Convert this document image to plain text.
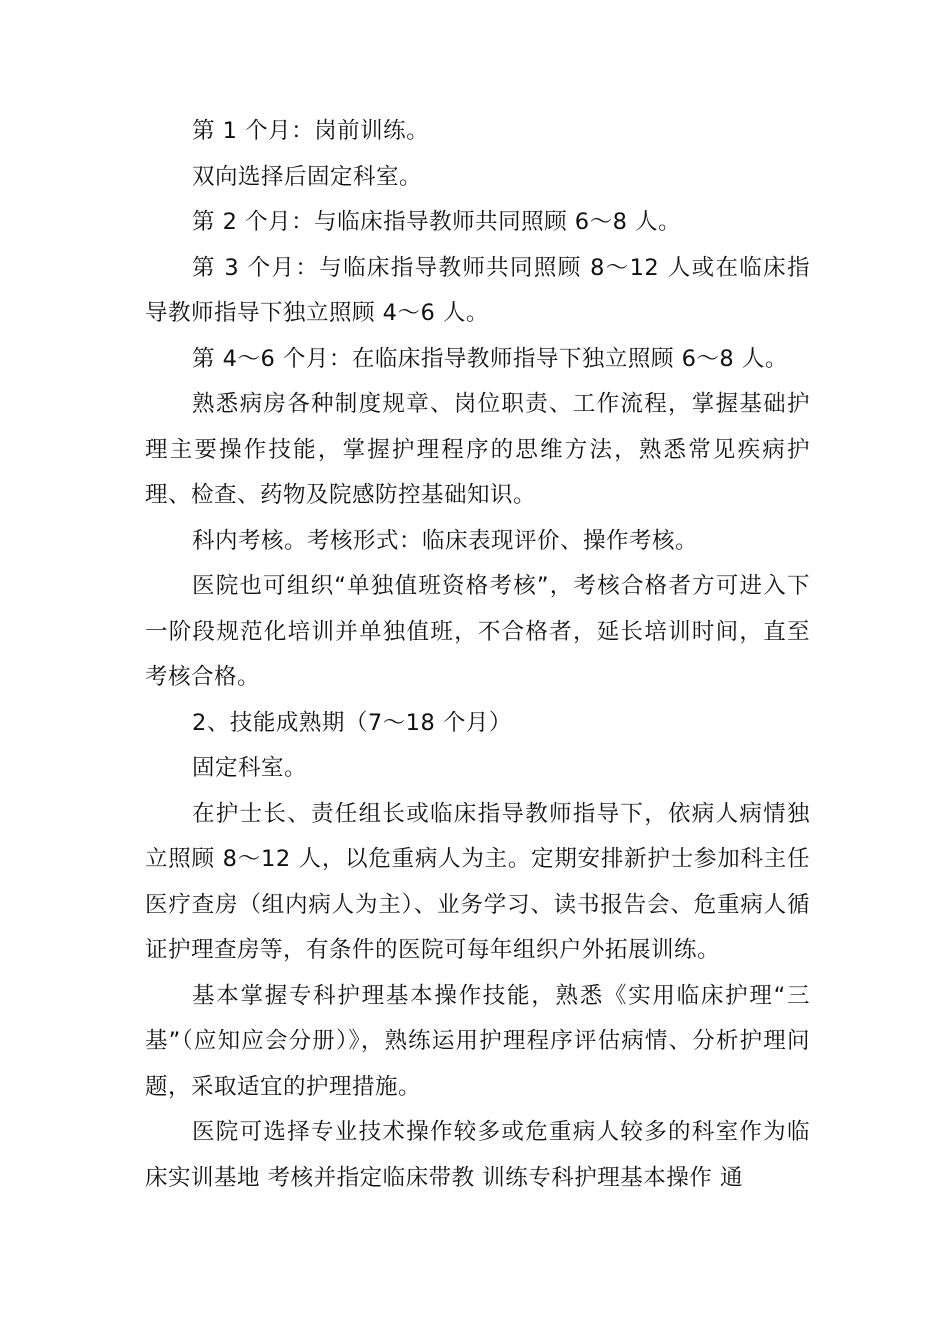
第 1 个月：岗前训练。

双向选择后固定科室。

第 2 个月：与临床指导教师共同照顾 6～8 人。

第 3 个月：与临床指导教师共同照顾 8～12 人或在临床指导教师指导下独立照顾 4～6 人。

第 4～6 个月：在临床指导教师指导下独立照顾 6～8 人。

熟悉病房各种制度规章、岗位职责、工作流程，掌握基础护理主要操作技能，掌握护理程序的思维方法，熟悉常见疾病护理、检查、药物及院感防控基础知识。

科内考核。考核形式：临床表现评价、操作考核。

医院也可组织“单独值班资格考核”，考核合格者方可进入下一阶段规范化培训并单独值班，不合格者，延长培训时间，直至考核合格。

2、技能成熟期（7～18 个月）

固定科室。

在护士长、责任组长或临床指导教师指导下，依病人病情独立照顾 8～12 人，以危重病人为主。定期安排新护士参加科主任医疗查房（组内病人为主）、业务学习、读书报告会、危重病人循证护理查房等，有条件的医院可每年组织户外拓展训练。

基本掌握专科护理基本操作技能，熟悉《实用临床护理“三基”（应知应会分册）》，熟练运用护理程序评估病情、分析护理问题，采取适宜的护理措施。

医院可选择专业技术操作较多或危重病人较多的科室作为临床实训基地 考核并指定临床带教 训练专科护理基本操作 通
